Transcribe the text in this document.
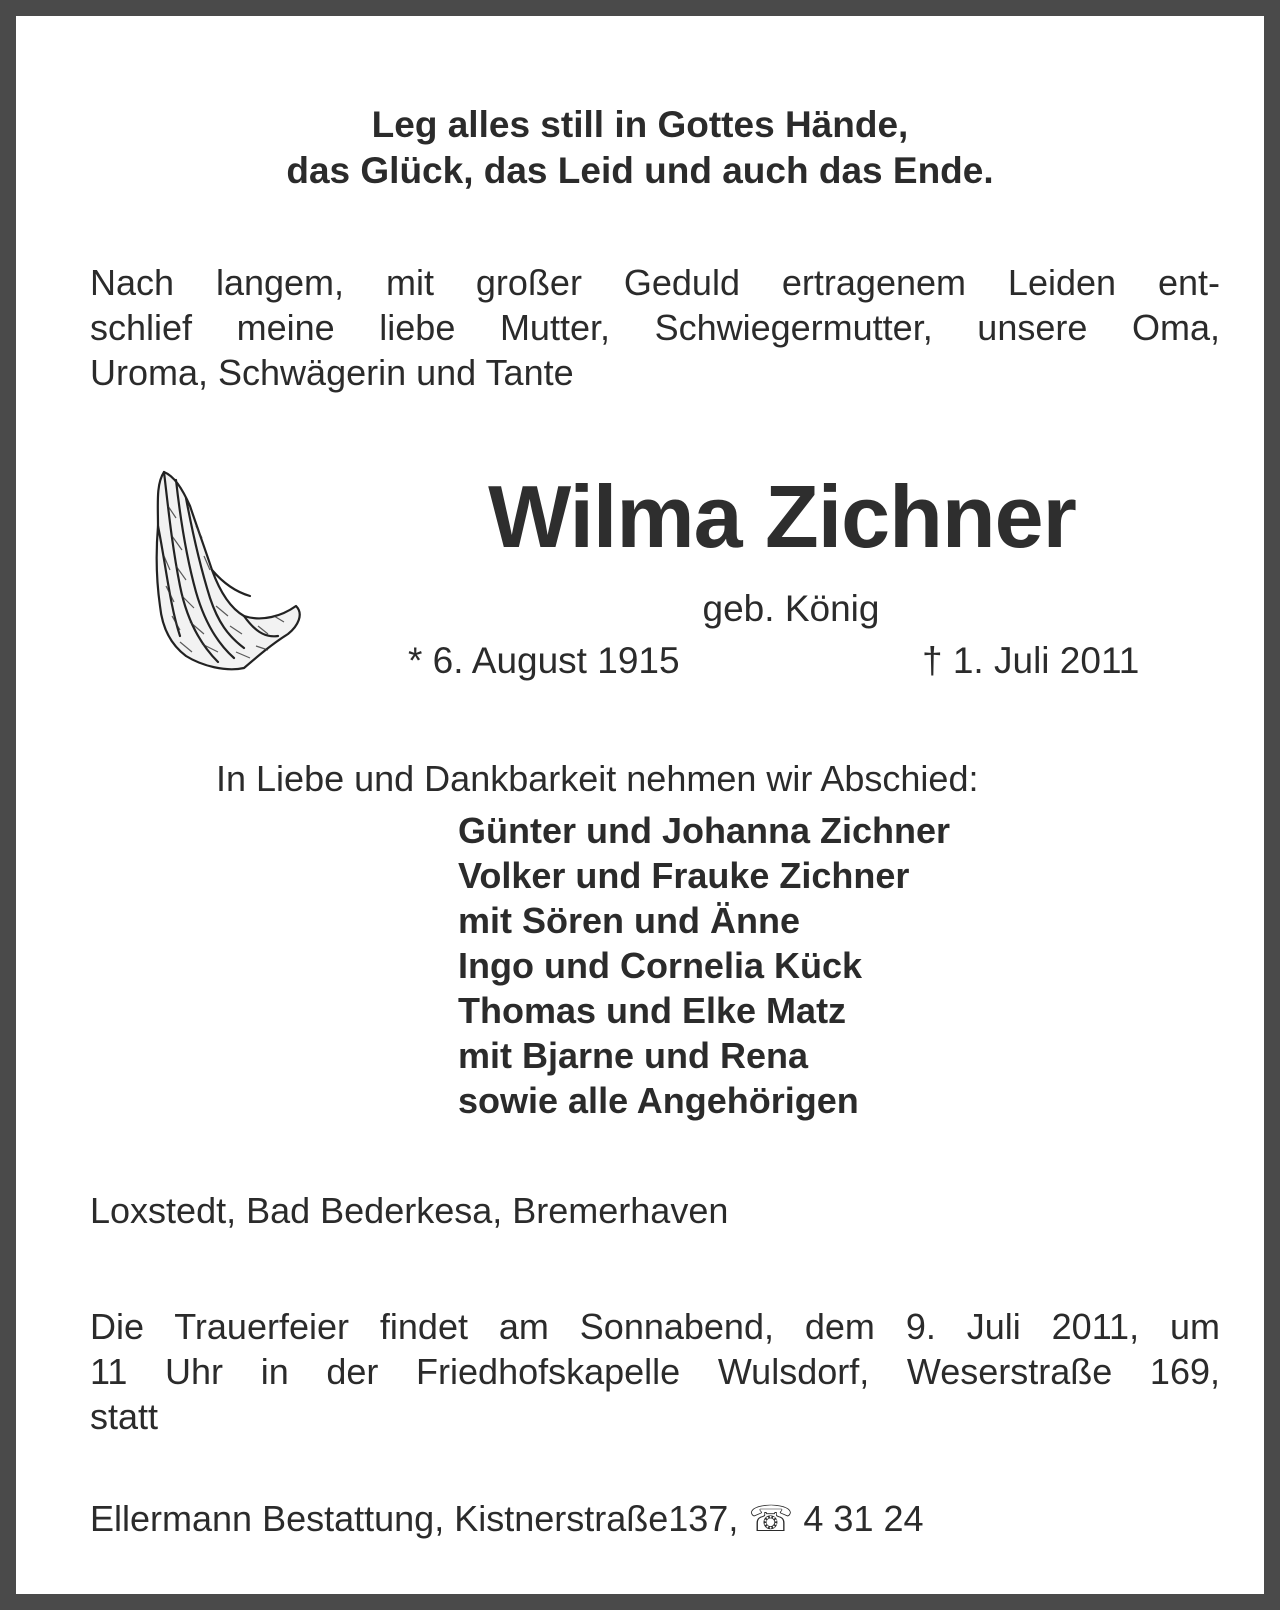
Leg alles still in Gottes Hände,
das Glück, das Leid und auch das Ende.
Nach langem, mit großer Geduld ertragenem Leiden ent-
schlief meine liebe Mutter, Schwiegermutter, unsere Oma,
Uroma, Schwägerin und Tante
Wilma Zichner
geb. König
* 6. August 1915	† 1. Juli 2011
In Liebe und Dankbarkeit nehmen wir Abschied:
Günter und Johanna Zichner
Volker und Frauke Zichner
mit Sören und Änne
Ingo und Cornelia Kück
Thomas und Elke Matz
mit Bjarne und Rena
sowie alle Angehörigen
Loxstedt, Bad Bederkesa, Bremerhaven
Die Trauerfeier findet am Sonnabend, dem 9. Juli 2011, um
11 Uhr in der Friedhofskapelle Wulsdorf, Weserstraße 169,
statt
Ellermann Bestattung, Kistnerstraße137, ☏ 4 31 24
